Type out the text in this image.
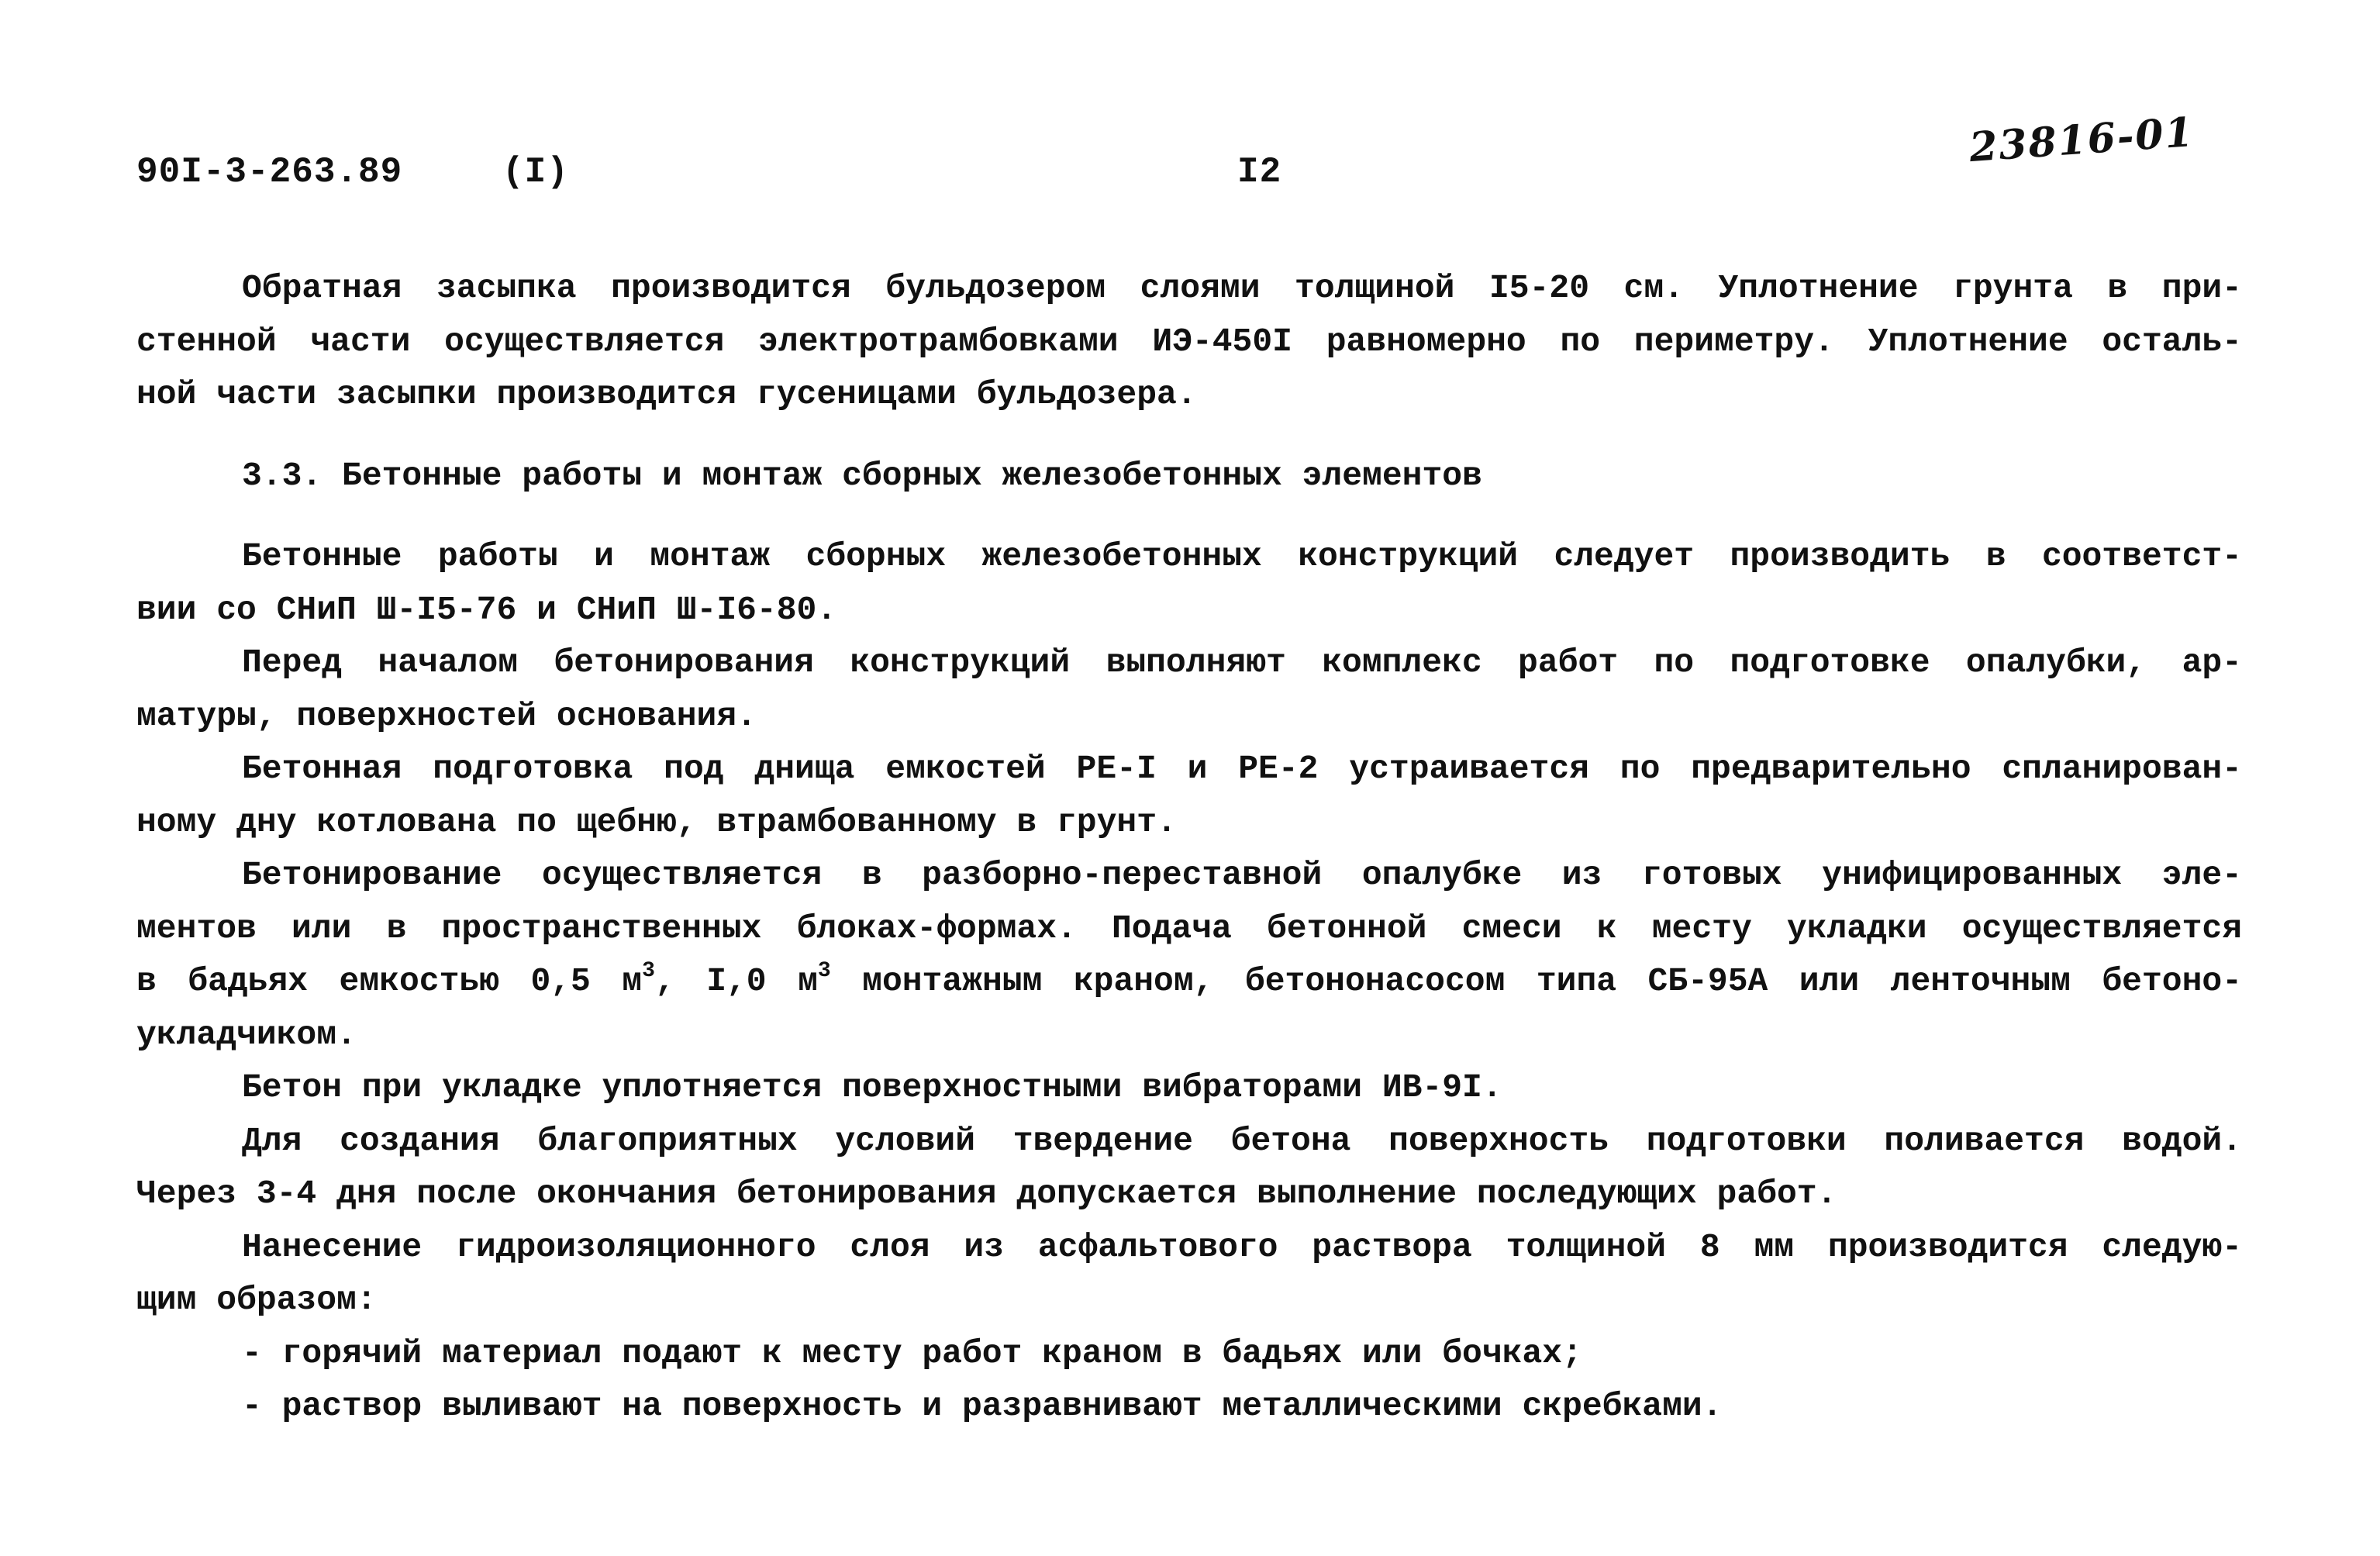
90I-3-263.89	(I)	I2
23816-01
Обратная засыпка производится бульдозером слоями толщиной I5-20 см. Уплотнение грунта в при-
стенной части осуществляется электротрамбовками ИЭ-450I равномерно по периметру. Уплотнение осталь-
ной части засыпки производится гусеницами бульдозера.
3.3. Бетонные работы и монтаж сборных железобетонных элементов
Бетонные работы и монтаж сборных железобетонных конструкций следует производить в соответст-
вии со СНиП Ш-I5-76 и СНиП Ш-I6-80.
Перед началом бетонирования конструкций выполняют комплекс работ по подготовке опалубки, ар-
матуры, поверхностей основания.
Бетонная подготовка под днища емкостей РЕ-I и РЕ-2 устраивается по предварительно спланирован-
ному дну котлована по щебню, втрамбованному в грунт.
Бетонирование осуществляется в разборно-переставной опалубке из готовых унифицированных эле-
ментов или в пространственных блоках-формах. Подача бетонной смеси к месту укладки осуществляется
в бадьях емкостью 0,5 $м^3$, I,0 $м^3$ монтажным краном, бетононасосом типа СБ-95А или ленточным бетоно-
укладчиком.
Бетон при укладке уплотняется поверхностными вибраторами ИВ-9I.
Для создания благоприятных условий твердение бетона поверхность подготовки поливается водой.
Через 3-4 дня после окончания бетонирования допускается выполнение последующих работ.
Нанесение гидроизоляционного слоя из асфальтового раствора толщиной 8 мм производится следую-
щим образом:
- горячий материал подают к месту работ краном в бадьях или бочках;
- раствор выливают на поверхность и разравнивают металлическими скребками.
